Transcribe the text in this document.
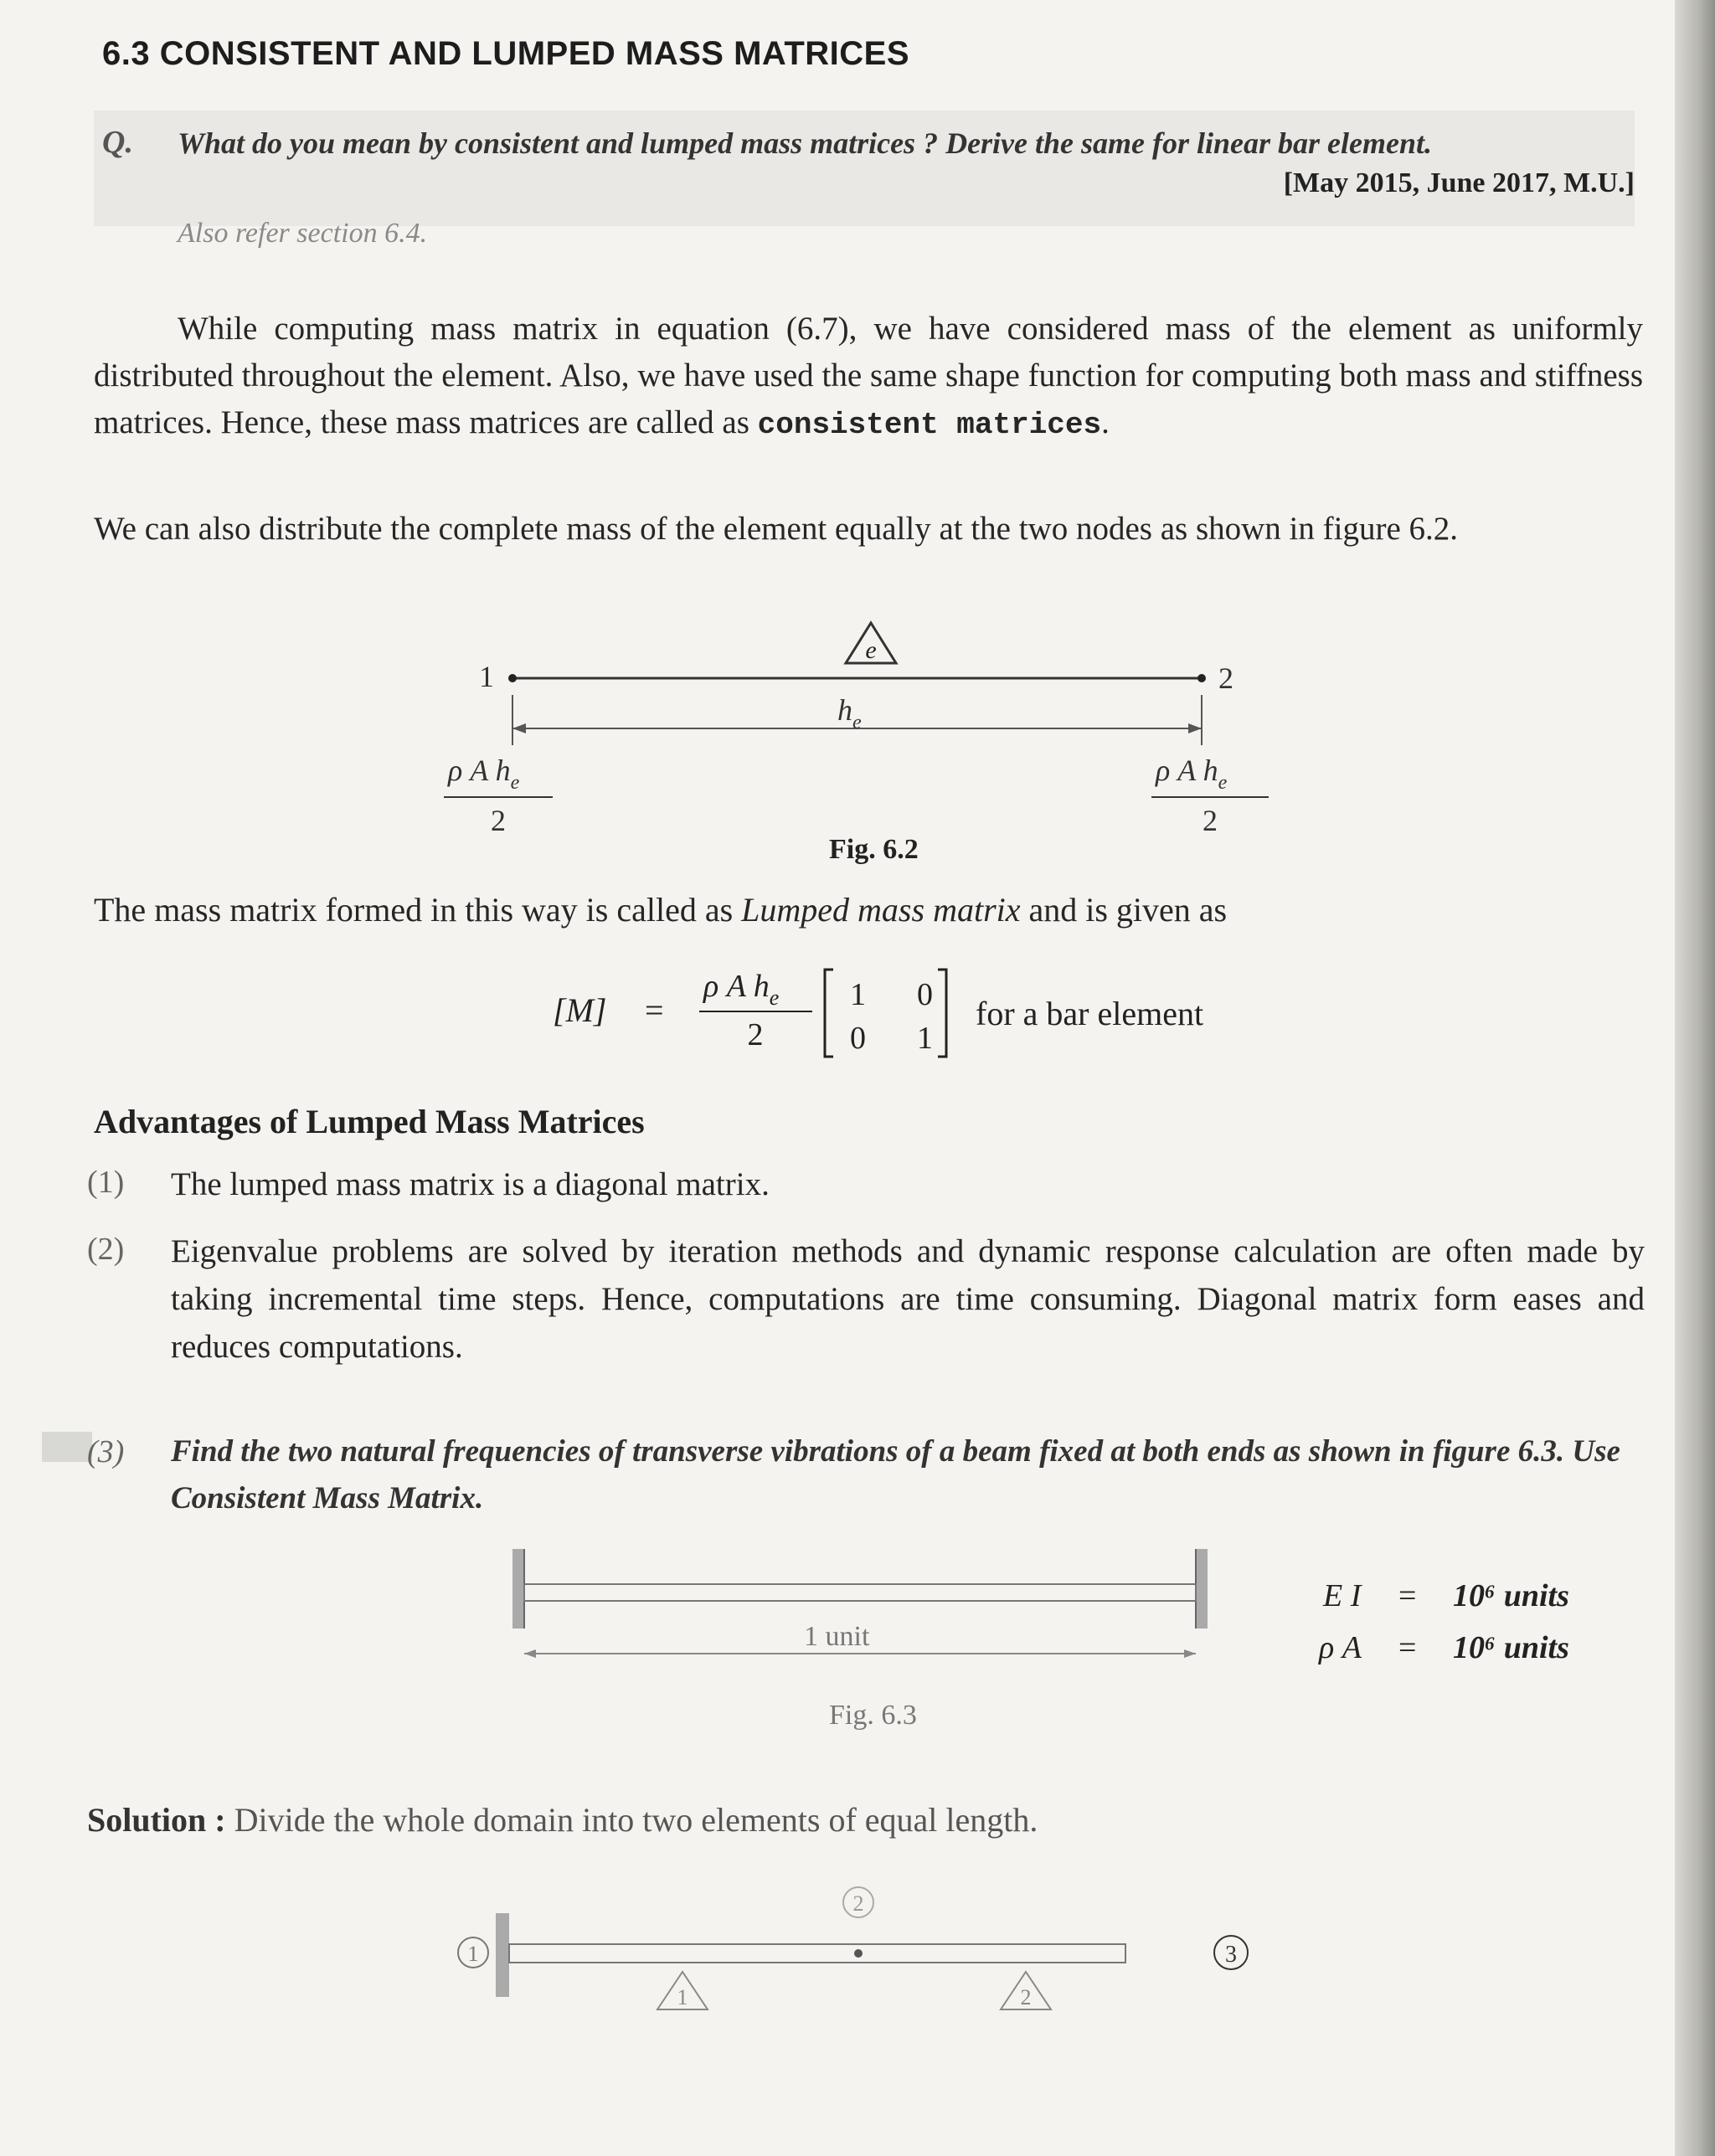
6.3 CONSISTENT AND LUMPED MASS MATRICES
Q. What do you mean by consistent and lumped mass matrices ? Derive the same for linear bar element.
[May 2015, June 2017, M.U.]
Also refer section 6.4.
While computing mass matrix in equation (6.7), we have considered mass of the element as uniformly distributed throughout the element. Also, we have used the same shape function for computing both mass and stiffness matrices. Hence, these mass matrices are called as consistent matrices.
We can also distribute the complete mass of the element equally at the two nodes as shown in figure 6.2.
e
1	2
$h_e$
ρ A $h_e$
2
ρ A $h_e$
2
Fig. 6.2
The mass matrix formed in this way is called as Lumped mass matrix and is given as
[M] =
ρ A $h_e$
2
1 0
0 1
for a bar element
Advantages of Lumped Mass Matrices
(1) The lumped mass matrix is a diagonal matrix.
(2) Eigenvalue problems are solved by iteration methods and dynamic response calculation are often made by taking incremental time steps. Hence, computations are time consuming. Diagonal matrix form eases and reduces computations.
(3) Find the two natural frequencies of transverse vibrations of a beam fixed at both ends as shown in figure 6.3. Use Consistent Mass Matrix.
1 unit
Fig. 6.3
E I = 10⁶ units
ρ A = 10⁶ units
Solution : Divide the whole domain into two elements of equal length.
1
2
3
1	2
